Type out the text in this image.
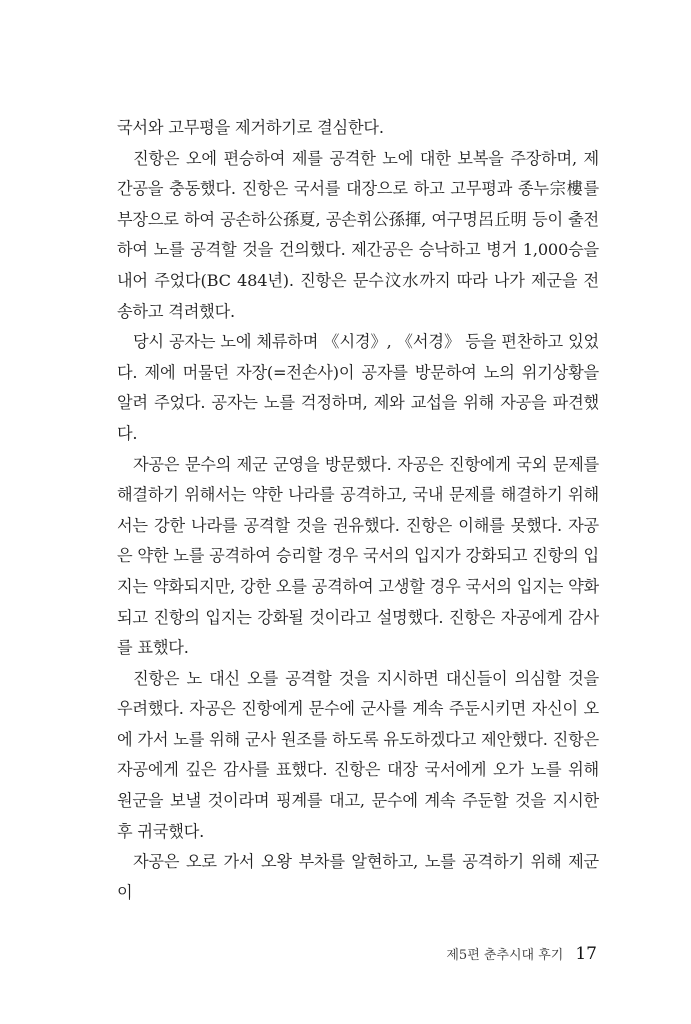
국서와 고무평을 제거하기로 결심한다.

진항은 오에 편승하여 제를 공격한 노에 대한 보복을 주장하며, 제간공을 충동했다. 진항은 국서를 대장으로 하고 고무평과 종누宗樓를 부장으로 하여 공손하公孫夏, 공손휘公孫揮, 여구명呂丘明 등이 출전하여 노를 공격할 것을 건의했다. 제간공은 승낙하고 병거 1,000승을 내어 주었다(BC 484년). 진항은 문수汶水까지 따라 나가 제군을 전송하고 격려했다.

당시 공자는 노에 체류하며 《시경》, 《서경》 등을 편찬하고 있었다. 제에 머물던 자장(=전손사)이 공자를 방문하여 노의 위기상황을 알려 주었다. 공자는 노를 걱정하며, 제와 교섭을 위해 자공을 파견했다.

자공은 문수의 제군 군영을 방문했다. 자공은 진항에게 국외 문제를 해결하기 위해서는 약한 나라를 공격하고, 국내 문제를 해결하기 위해서는 강한 나라를 공격할 것을 권유했다. 진항은 이해를 못했다. 자공은 약한 노를 공격하여 승리할 경우 국서의 입지가 강화되고 진항의 입지는 약화되지만, 강한 오를 공격하여 고생할 경우 국서의 입지는 약화되고 진항의 입지는 강화될 것이라고 설명했다. 진항은 자공에게 감사를 표했다.

진항은 노 대신 오를 공격할 것을 지시하면 대신들이 의심할 것을 우려했다. 자공은 진항에게 문수에 군사를 계속 주둔시키면 자신이 오에 가서 노를 위해 군사 원조를 하도록 유도하겠다고 제안했다. 진항은 자공에게 깊은 감사를 표했다. 진항은 대장 국서에게 오가 노를 위해 원군을 보낼 것이라며 핑계를 대고, 문수에 계속 주둔할 것을 지시한 후 귀국했다.

자공은 오로 가서 오왕 부차를 알현하고, 노를 공격하기 위해 제군이

제5편 춘추시대 후기 17
